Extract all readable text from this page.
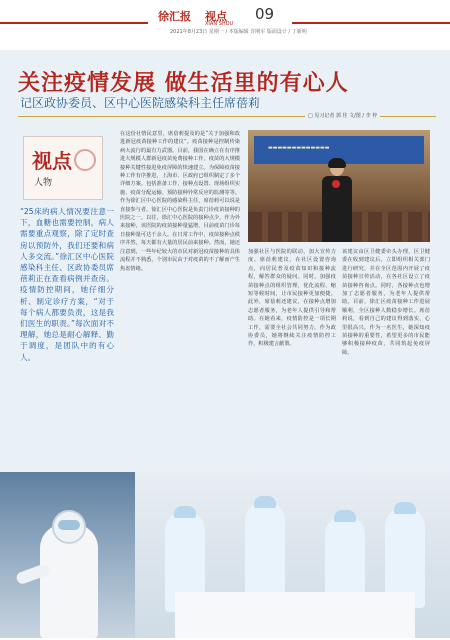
徐汇报 视点
XIAN SHOU
09
2021年8月23日 星期一 / 本版编辑 许刚军 版面设计 / 丁新明
关注疫情发展 做生活里的有心人
记区政协委员、区中心医院感染科主任席蓓莉
□ 见习记者 郭 佳 文/图 / 李 梓
视点
人物
“25床的病人情况要注意一下，血糖也需要控制，病人需要重点观察，除了定时查房以预防外，我们还要和病人多交流。”徐汇区中心医院感染科主任、区政协委员席蓓莉正在查看病例并查房。疫情防控期间，她仔细分析、制定诊疗方案，“对于每个病人都要负责，这是我们医生的职责。”每次面对不理解，她总是耐心解释、勤于调度，是团队中的有心人。
在这份社情民意里，席蓓莉提及的是“关于加强和改进新冠疫苗接种工作的建议”。疫苗接种是控制传染病大流行的最有力武器。目前，我国在确立在有序推进大规模人群新冠疫苗免费接种工作，疫苗的大规模接种关键性接进免疫屏障的快速建立。为保障疫苗接种工作有序推进，上海市、区政府已组织制定了多个详细方案。包括准备工作、接种点设置、现场组织实施、疫苗分配运输、预防接种异常反应的监测等等。作为徐汇区中心医院的感染科主任，席蓓莉可以说是直接参与者。徐汇区中心医院是负责门诊疫苗接种的医院之一。以往，徐汇中心医院的接种点少，作为外来接种，该医院的疫苗接种量猛增，目前疫苗门诊每日接种量可达千余人。在日常工作中，疫苗接种点秩序井然，每天都有大量的居民前来接种。然而，她还注意到，一些年纪较大的市民对新冠疫苗接种的具体流程并不熟悉，个别市民由于对疫苗的不了解而产生焦虑情绪。
加强社区与医院的联动，加大宣传力度。席蓓莉建议，在社区设置咨询点，向居民普及疫苗知识和接种流程，解答群众的疑问。同时，加强疫苗接种点的组织管理，优化流程，缩短等候时间，让市民接种更加便捷。此外，席蓓莉还建议，在接种点增加志愿者服务，为老年人提供引导和帮助。在她看来，疫情防控是一项长期工作，需要全社会共同努力。作为政协委员，她将继续关注疫情防控工作，积极建言献策。
该建议由区卫健委牵头办理，区卫健委在收到建议后，立即组织相关部门进行研究，并在全区范围内开展了疫苗接种宣传活动，在各社区设立了疫苗接种咨询点。同时，各接种点也增加了志愿者服务，为老年人提供帮助。目前，徐汇区疫苗接种工作进展顺利，全区接种人数稳步增长。席蓓莉说，看到自己的建议得到落实，心里很高兴。作为一名医生，她深知疫苗接种的重要性，希望更多的市民能够积极接种疫苗，共同筑起免疫屏障。
▬▬▬▬▬▬▬▬▬▬▬▬▬
